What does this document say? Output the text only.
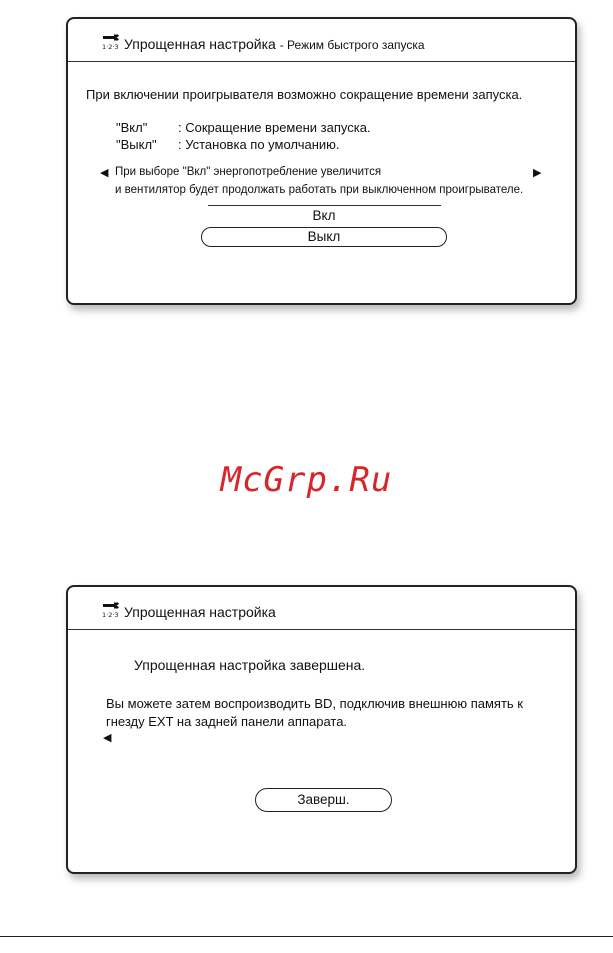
1·2·3 Упрощенная настройка - Режим быстрого запуска
При включении проигрывателя возможно сокращение времени запуска.
"Вкл" : Сокращение времени запуска.
"Выкл" : Установка по умолчанию.
◀ При выборе "Вкл" энергопотребление увеличится	▶
и вентилятор будет продолжать работать при выключенном проигрывателе.
Вкл
Выкл
McGrp.Ru
1·2·3 Упрощенная настройка
Упрощенная настройка завершена.
Вы можете затем воспроизводить BD, подключив внешнюю память к
гнезду EXT на задней панели аппарата.
◀
Заверш.
